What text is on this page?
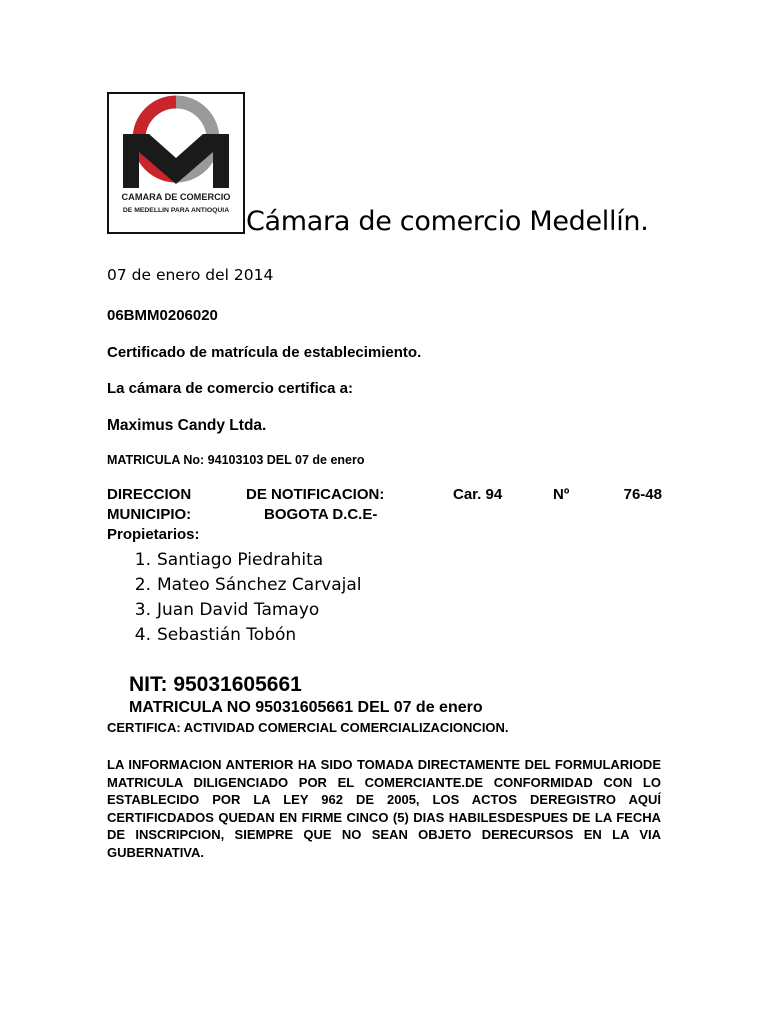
CAMARA DE COMERCIO
DE MEDELLIN PARA ANTIOQUIA Cámara de comercio Medellín.
07 de enero del 2014
06BMM0206020
Certificado de matrícula de establecimiento.
La cámara de comercio certifica a:
Maximus Candy Ltda.
MATRICULA No: 94103103 DEL 07 de enero
DIRECCION	DE NOTIFICACION:	Car. 94	Nº	76-48
MUNICIPIO:	BOGOTA D.C.E-
Propietarios:
1. Santiago Piedrahita
2. Mateo Sánchez Carvajal
3. Juan David Tamayo
4. Sebastián Tobón
NIT: 95031605661
MATRICULA NO 95031605661 DEL 07 de enero
CERTIFICA: ACTIVIDAD COMERCIAL COMERCIALIZACIONCION.

LA INFORMACION ANTERIOR HA SIDO TOMADA DIRECTAMENTE DEL FORMULARIODE MATRICULA DILIGENCIADO POR EL COMERCIANTE.DE CONFORMIDAD CON LO ESTABLECIDO POR LA LEY 962 DE 2005, LOS ACTOS DEREGISTRO AQUÍ CERTIFICDADOS QUEDAN EN FIRME CINCO (5) DIAS HABILESDESPUES DE LA FECHA DE INSCRIPCION, SIEMPRE QUE NO SEAN OBJETO DERECURSOS EN LA VIA GUBERNATIVA.
